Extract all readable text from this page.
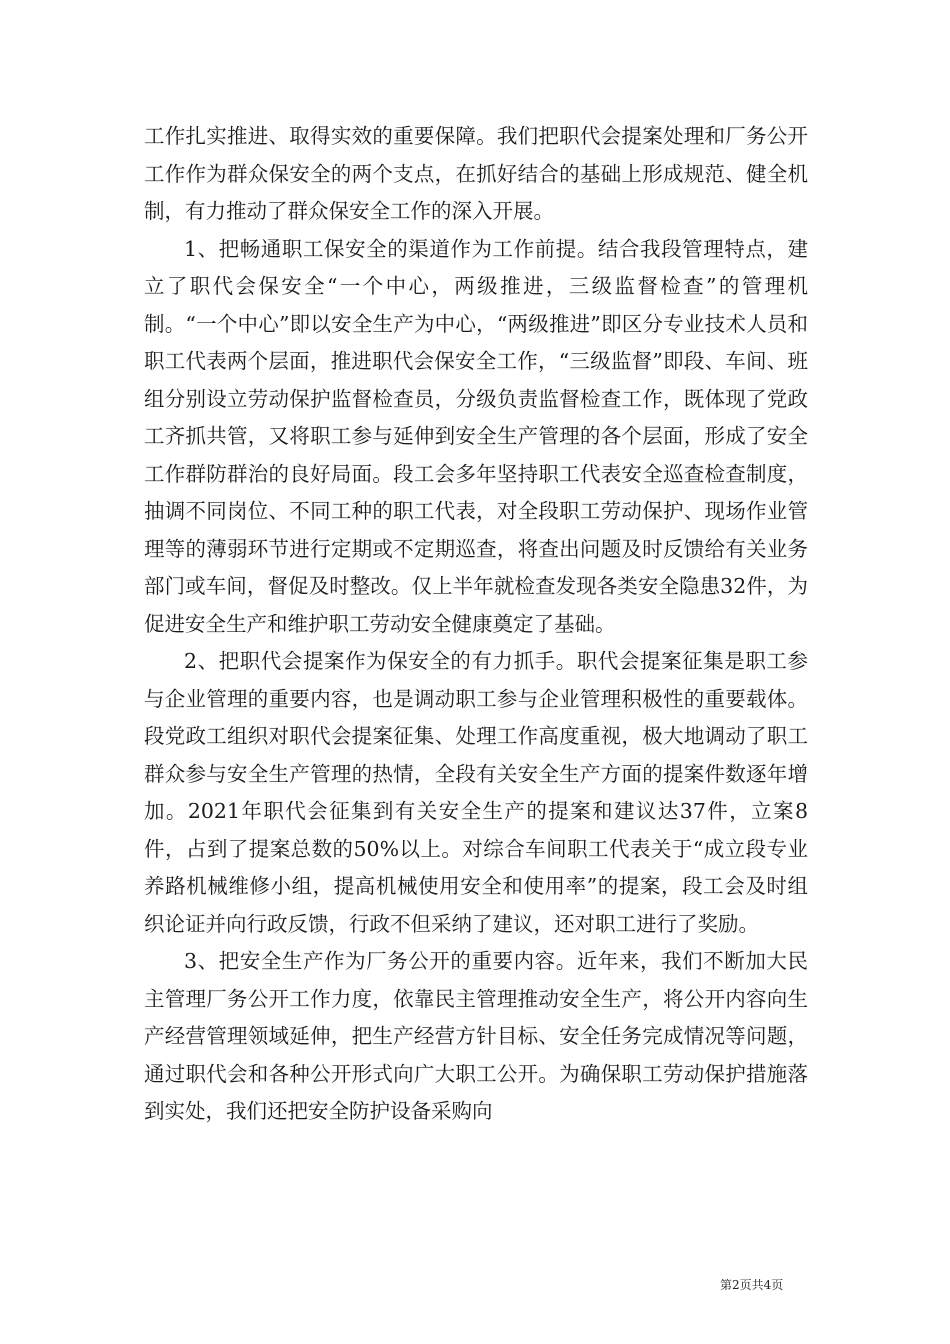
工作扎实推进、取得实效的重要保障。我们把职代会提案处理和厂务公开工作作为群众保安全的两个支点，在抓好结合的基础上形成规范、健全机制，有力推动了群众保安全工作的深入开展。

1、把畅通职工保安全的渠道作为工作前提。结合我段管理特点，建立了职代会保安全“一个中心，两级推进，三级监督检查”的管理机制。“一个中心”即以安全生产为中心，“两级推进”即区分专业技术人员和职工代表两个层面，推进职代会保安全工作，“三级监督”即段、车间、班组分别设立劳动保护监督检查员，分级负责监督检查工作，既体现了党政工齐抓共管，又将职工参与延伸到安全生产管理的各个层面，形成了安全工作群防群治的良好局面。段工会多年坚持职工代表安全巡查检查制度，抽调不同岗位、不同工种的职工代表，对全段职工劳动保护、现场作业管理等的薄弱环节进行定期或不定期巡查，将查出问题及时反馈给有关业务部门或车间，督促及时整改。仅上半年就检查发现各类安全隐患32件，为促进安全生产和维护职工劳动安全健康奠定了基础。

2、把职代会提案作为保安全的有力抓手。职代会提案征集是职工参与企业管理的重要内容，也是调动职工参与企业管理积极性的重要载体。段党政工组织对职代会提案征集、处理工作高度重视，极大地调动了职工群众参与安全生产管理的热情，全段有关安全生产方面的提案件数逐年增加。2021年职代会征集到有关安全生产的提案和建议达37件，立案8件，占到了提案总数的50%以上。对综合车间职工代表关于“成立段专业养路机械维修小组，提高机械使用安全和使用率”的提案，段工会及时组织论证并向行政反馈，行政不但采纳了建议，还对职工进行了奖励。

3、把安全生产作为厂务公开的重要内容。近年来，我们不断加大民主管理厂务公开工作力度，依靠民主管理推动安全生产，将公开内容向生产经营管理领域延伸，把生产经营方针目标、安全任务完成情况等问题，通过职代会和各种公开形式向广大职工公开。为确保职工劳动保护措施落到实处，我们还把安全防护设备采购向

第2页共4页
